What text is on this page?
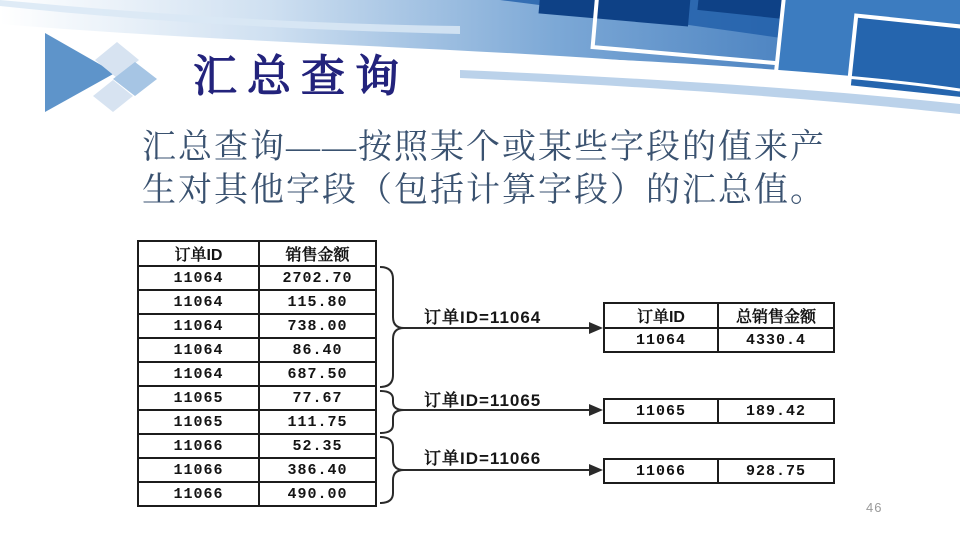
汇总查询
汇总查询——按照某个或某些字段的值来产
生对其他字段（包括计算字段）的汇总值。
订单ID	销售金额
11064	2702.70
11064	115.80
11064	738.00
11064	86.40
11064	687.50
11065	77.67
11065	111.75
11066	52.35
11066	386.40
11066	490.00
订单ID=11064
订单ID=11065
订单ID=11066
订单ID	总销售金额
11064	4330.4
11065	189.42
11066	928.75
46
